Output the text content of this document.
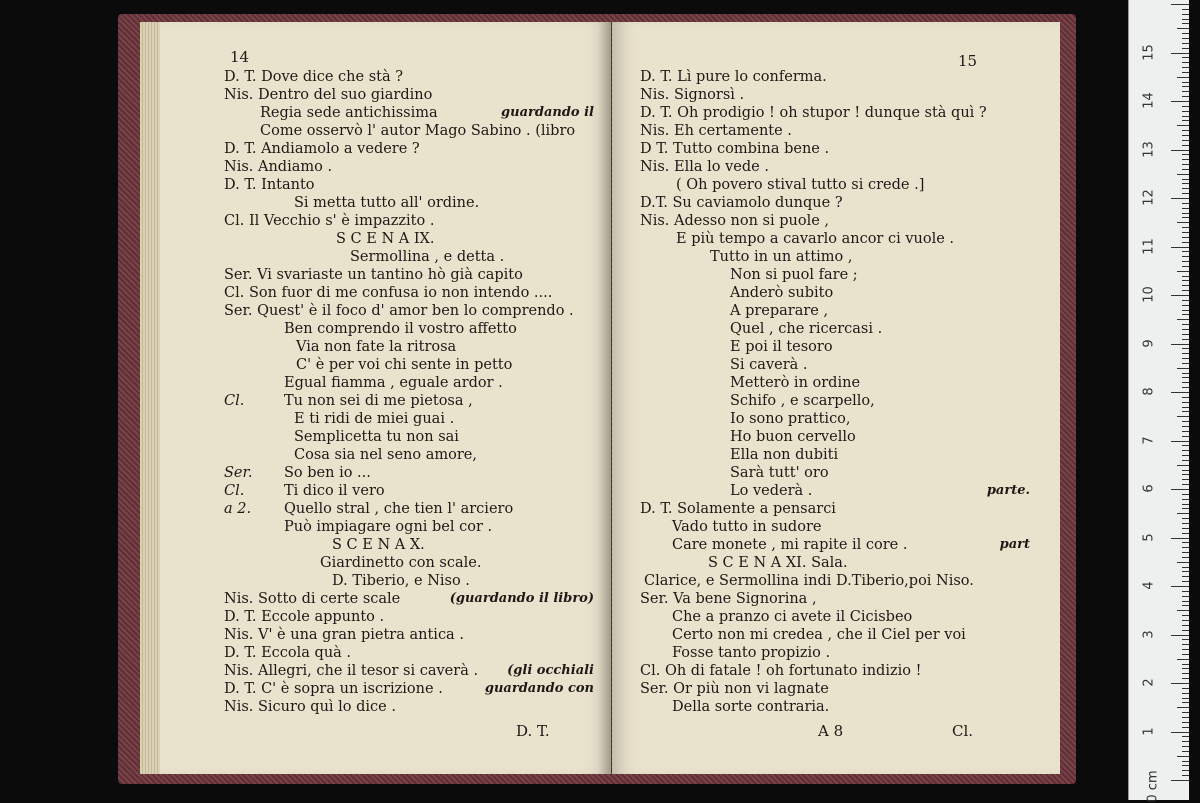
14
D. T. Dove dice che stà ?
Nis. Dentro del suo giardino
Regia sede antichissima	guardando il
Come osservò l' autor Mago Sabino . (libro
D. T. Andiamolo a vedere ?
Nis. Andiamo .
D. T. Intanto
Si metta tutto all' ordine.
Cl. Il Vecchio s' è impazzito .
S C E N A IX.
Sermollina , e detta .
Ser. Vi svariaste un tantino hò già capito
Cl. Son fuor di me confusa io non intendo ....
Ser. Quest' è il foco d' amor ben lo comprendo .
Ben comprendo il vostro affetto
Via non fate la ritrosa
C' è per voi chi sente in petto
Egual fiamma , eguale ardor .
Cl.	Tu non sei di me pietosa ,
E ti ridi de miei guai .
Semplicetta tu non sai
Cosa sia nel seno amore,
Ser. So ben io ...
Cl.	Ti dico il vero
a 2. Quello stral , che tien l' arciero
Può impiagare ogni bel cor .
S C E N A X.
Giardinetto con scale.
D. Tiberio, e Niso .
Nis. Sotto di certe scale	(guardando il libro)
D. T. Eccole appunto .
Nis. V' è una gran pietra antica .
D. T. Eccola quà .
Nis. Allegri, che il tesor si caverà . (gli occhiali
D. T. C' è sopra un iscrizione .	guardando con
Nis. Sicuro quì lo dice .
D. T.
15
D. T. Lì pure lo conferma.
Nis. Signorsì .
D. T. Oh prodigio ! oh stupor ! dunque stà quì ?
Nis. Eh certamente .
D T. Tutto combina bene .
Nis. Ella lo vede .
( Oh povero stival tutto si crede .]
D.T. Su caviamolo dunque ?
Nis. Adesso non si puole ,
E più tempo a cavarlo ancor ci vuole .
Tutto in un attimo ,
Non si puol fare ;
Anderò subito
A preparare ,
Quel , che ricercasi .
E poi il tesoro
Si caverà .
Metterò in ordine
Schifo , e scarpello,
Io sono prattico,
Ho buon cervello
Ella non dubiti
Sarà tutt' oro
Lo vederà .	parte.
D. T. Solamente a pensarci
Vado tutto in sudore
Care monete , mi rapite il core .	part
S C E N A XI. Sala.
Clarice, e Sermollina indi D.Tiberio,poi Niso.
Ser. Va bene Signorina ,
Che a pranzo ci avete il Cicisbeo
Certo non mi credea , che il Ciel per voi
Fosse tanto propizio .
Cl. Oh di fatale ! oh fortunato indizio !
Ser. Or più non vi lagnate
Della sorte contraria.
A 8	Cl.
0 cm
1
2
3
4
5
6
7
8
9
10
11
12
13
14
15
